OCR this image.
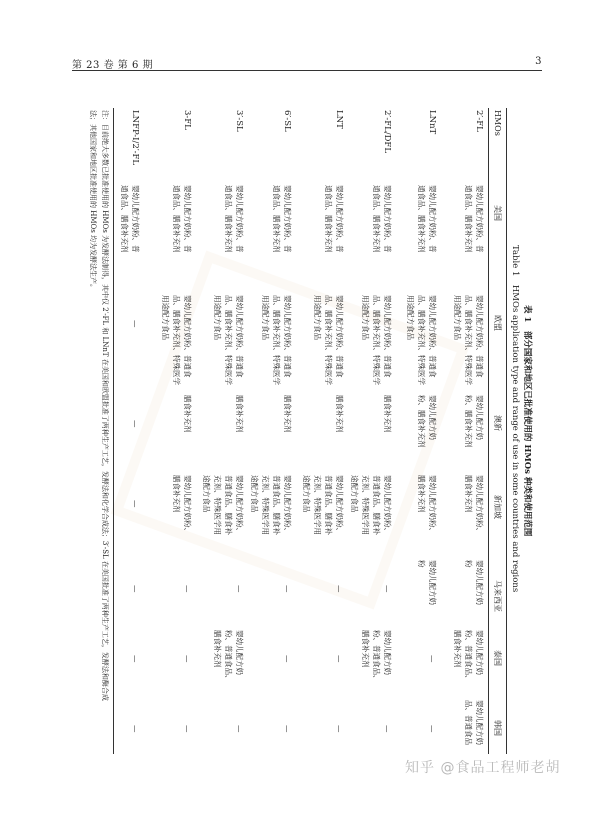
第 23 卷 第 6 期	3
表 1　部分国家和地区已批准使用的 HMOs 种类和使用范围
Table 1　HMOs application type and range of use in some countries and regions
HMOs
美国
欧盟
澳新
新加坡
马来西亚
泰国
韩国
2′-FL
婴幼儿配方奶粉、普
通食品、膳食补充剂
婴幼儿配方奶粉、普通食
品、膳食补充剂、特殊医学
用途配方食品
婴幼儿配方奶
粉、膳食补充剂
婴幼儿配方奶粉、
膳食补充剂
婴幼儿配方奶
粉
婴幼儿配方奶
粉、普通食品、
膳食补充剂
婴幼儿配方奶
品、普通食品
LNnT
婴幼儿配方奶粉、普
通食品、膳食补充剂
婴幼儿配方奶粉、普通食
品、膳食补充剂、特殊医学
用途配方食品
婴幼儿配方奶
粉、膳食补充剂
婴幼儿配方奶粉、
膳食补充剂
婴幼儿配方奶
粉
—
—
2′-FL/DFL
婴幼儿配方奶粉、普
通食品、膳食补充剂
婴幼儿配方奶粉、普通食
品、膳食补充剂、特殊医学
用途配方食品
膳食补充剂
婴幼儿配方奶粉、
普通食品、膳食补
充剂、特殊医学用
途配方食品
—
婴幼儿配方奶
粉、普通食品、
膳食补充剂
—
LNT
婴幼儿配方奶粉、普
通食品、膳食补充剂
婴幼儿配方奶粉、普通食
品、膳食补充剂、特殊医学
用途配方食品
膳食补充剂
婴幼儿配方奶粉、
普通食品、膳食补
充剂、特殊医学用
途配方食品
—
—
—
6′-SL
婴幼儿配方奶粉、普
通食品、膳食补充剂
婴幼儿配方奶粉、普通食
品、膳食补充剂、特殊医学
用途配方食品
膳食补充剂
婴幼儿配方奶粉、
普通食品、膳食补
充剂、特殊医学用
途配方食品
—
—
—
3′-SL
婴幼儿配方奶粉、普
通食品、膳食补充剂
婴幼儿配方奶粉、普通食
品、膳食补充剂、特殊医学
用途配方食品
膳食补充剂
婴幼儿配方奶粉、
普通食品、膳食补
充剂、特殊医学用
途配方食品
—
婴幼儿配方奶
粉、普通食品、
膳食补充剂
—
3-FL
婴幼儿配方奶粉、普
通食品、膳食补充剂
婴幼儿配方奶粉、普通食
品、膳食补充剂、特殊医学
用途配方食品
膳食补充剂
婴幼儿配方奶粉、
膳食补充剂
—
—
—
LNFP-I/2′-FL
婴幼儿配方奶粉、普
通食品、膳食补充剂
—
—
—
—
—
—
注：目前绝大多数已批准使用的 HMOs 为发酵法制得，其中仅 2′-FL 和 LNnT 在美国和欧盟批准了两种生产工艺，发酵法和化学合成法；3′-SL 在美国批准了两种生产工艺，发酵法和酶合成
法；其他国家和地区批准使用的 HMOs 均为发酵法生产。
知乎 @食品工程师老胡
